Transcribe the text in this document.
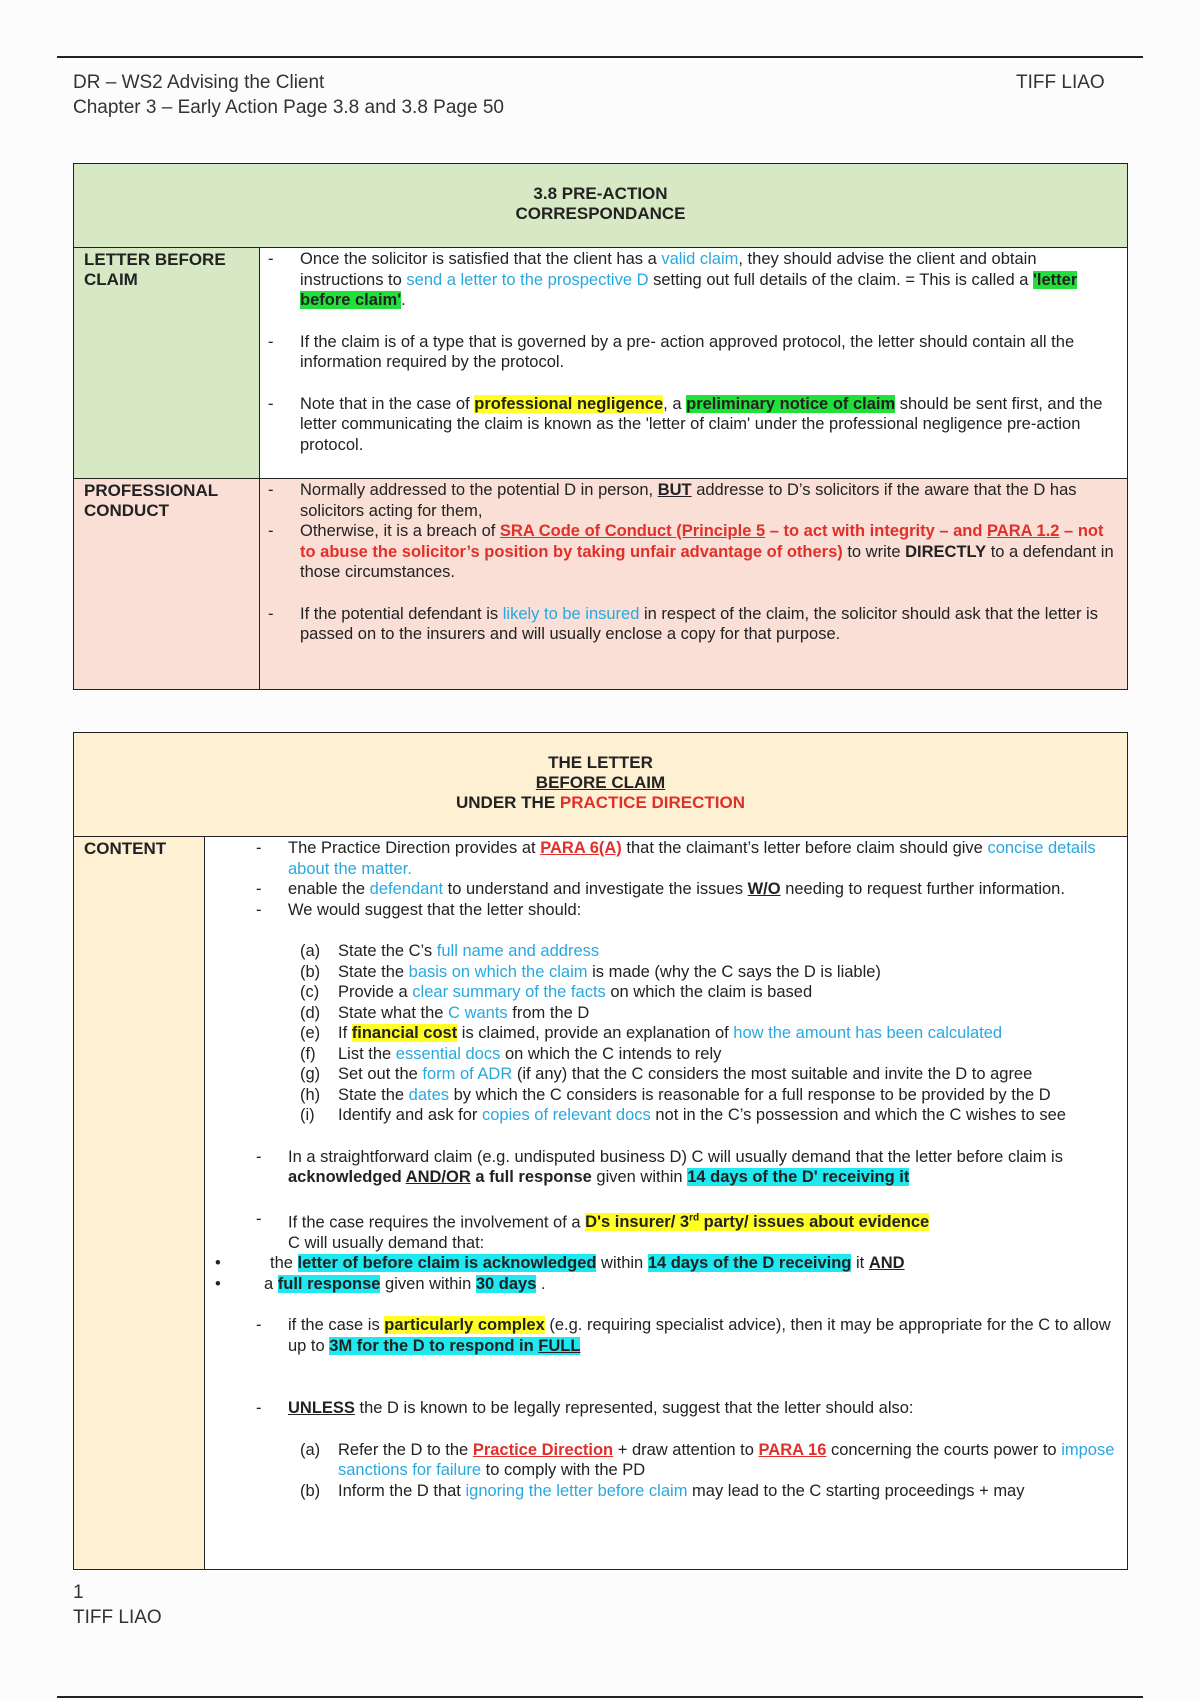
DR – WS2 Advising the Client
Chapter 3 – Early Action Page 3.8 and 3.8 Page 50
TIFF LIAO
3.8 PRE-ACTION
CORRESPONDANCE	

LETTER BEFORE CLAIM	- Once the solicitor is satisfied that the client has a valid claim, they should advise the client and obtain instructions to send a letter to the prospective D setting out full details of the claim. = This is called a 'letter before claim'.
- If the claim is of a type that is governed by a pre- action approved protocol, the letter should contain all the information required by the protocol.
- Note that in the case of professional negligence, a preliminary notice of claim should be sent first, and the letter communicating the claim is known as the 'letter of claim' under the professional negligence pre-action protocol.

PROFESSIONAL CONDUCT	- Normally addressed to the potential D in person, BUT addresse to D’s solicitors if the aware that the D has solicitors acting for them,
- Otherwise, it is a breach of SRA Code of Conduct (Principle 5 – to act with integrity – and PARA 1.2 – not to abuse the solicitor’s position by taking unfair advantage of others) to write DIRECTLY to a defendant in those circumstances.
- If the potential defendant is likely to be insured in respect of the claim, the solicitor should ask that the letter is passed on to the insurers and will usually enclose a copy for that purpose.
THE LETTER
BEFORE CLAIM
UNDER THE PRACTICE DIRECTION

CONTENT	
-The Practice Direction provides at PARA 6(A) that the claimant’s letter before claim should give concise details about the matter.
- enable the defendant to understand and investigate the issues W/O needing to request further information.
- We would suggest that the letter should:
(a) State the C’s full name and address
(b) State the basis on which the claim is made (why the C says the D is liable)
(c) Provide a clear summary of the facts on which the claim is based
(d) State what the C wants from the D
(e) If financial cost is claimed, provide an explanation of how the amount has been calculated
(f) List the essential docs on which the C intends to rely
(g) Set out the form of ADR (if any) that the C considers the most suitable and invite the D to agree
(h) State the dates by which the C considers is reasonable for a full response to be provided by the D
(i) Identify and ask for copies of relevant docs not in the C’s possession and which the C wishes to see
- In a straightforward claim (e.g. undisputed business D) C will usually demand that the letter before claim is acknowledged AND/OR a full response given within 14 days of the D' receiving it
- If the case requires the involvement of a D's insurer/ 3rd party/ issues about evidence
C will usually demand that:
•	the letter of before claim is acknowledged within 14 days of the D receiving it AND
•	a full response given within 30 days .
- if the case is particularly complex (e.g. requiring specialist advice), then it may be appropriate for the C to allow up to 3M for the D to respond in FULL
- UNLESS the D is known to be legally represented, suggest that the letter should also:
(a) Refer the D to the Practice Direction + draw attention to PARA 16 concerning the courts power to impose sanctions for failure to comply with the PD
(b) Inform the D that ignoring the letter before claim may lead to the C starting proceedings + may
1
TIFF LIAO
